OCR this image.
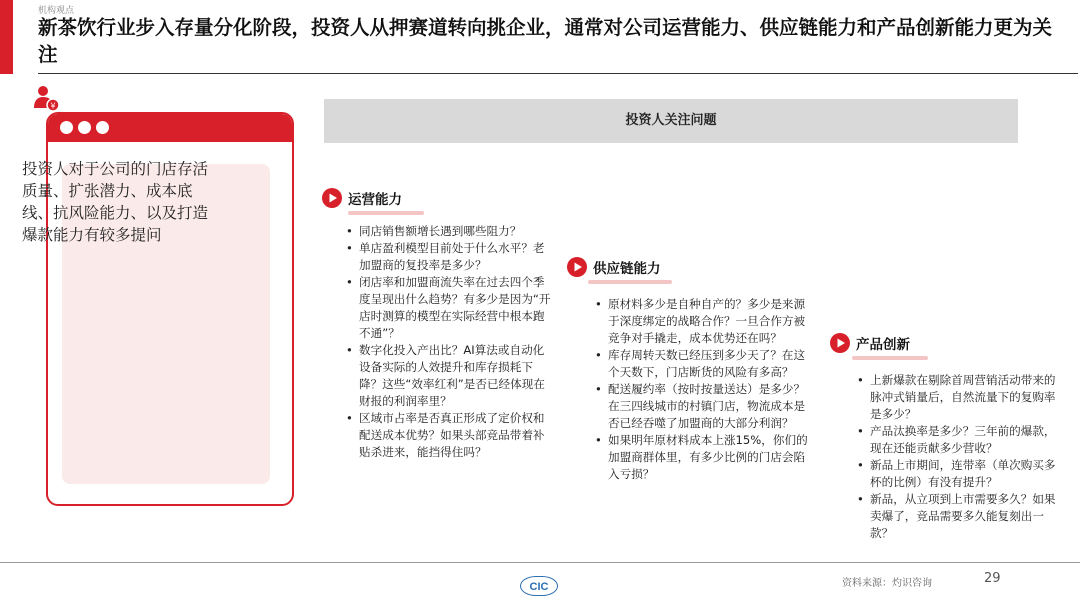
机构观点
新茶饮行业步入存量分化阶段，投资人从押赛道转向挑企业，通常对公司运营能力、供应链能力和产品创新能力更为关注
¥
投资人对于公司的门店存活质量、扩张潜力、成本底线、抗风险能力、以及打造爆款能力有较多提问
投资人关注问题
运营能力
• 同店销售额增长遇到哪些阻力？
• 单店盈利模型目前处于什么水平？老加盟商的复投率是多少？
• 闭店率和加盟商流失率在过去四个季度呈现出什么趋势？有多少是因为“开店时测算的模型在实际经营中根本跑不通”？
• 数字化投入产出比？AI算法或自动化设备实际的人效提升和库存损耗下降？这些“效率红利”是否已经体现在财报的利润率里？
• 区域市占率是否真正形成了定价权和配送成本优势？如果头部竞品带着补贴杀进来，能挡得住吗？
供应链能力
• 原材料多少是自种自产的？多少是来源于深度绑定的战略合作？一旦合作方被竞争对手撬走，成本优势还在吗？
• 库存周转天数已经压到多少天了？在这个天数下，门店断货的风险有多高？
• 配送履约率（按时按量送达）是多少？在三四线城市的村镇门店，物流成本是否已经吞噬了加盟商的大部分利润？
• 如果明年原材料成本上涨15%，你们的加盟商群体里，有多少比例的门店会陷入亏损？
产品创新
• 上新爆款在剔除首周营销活动带来的脉冲式销量后，自然流量下的复购率是多少？
• 产品汰换率是多少？三年前的爆款，现在还能贡献多少营收？
• 新品上市期间，连带率（单次购买多杯的比例）有没有提升？
• 新品，从立项到上市需要多久？如果卖爆了，竞品需要多久能复刻出一款？
CIC	资料来源：灼识咨询	29
